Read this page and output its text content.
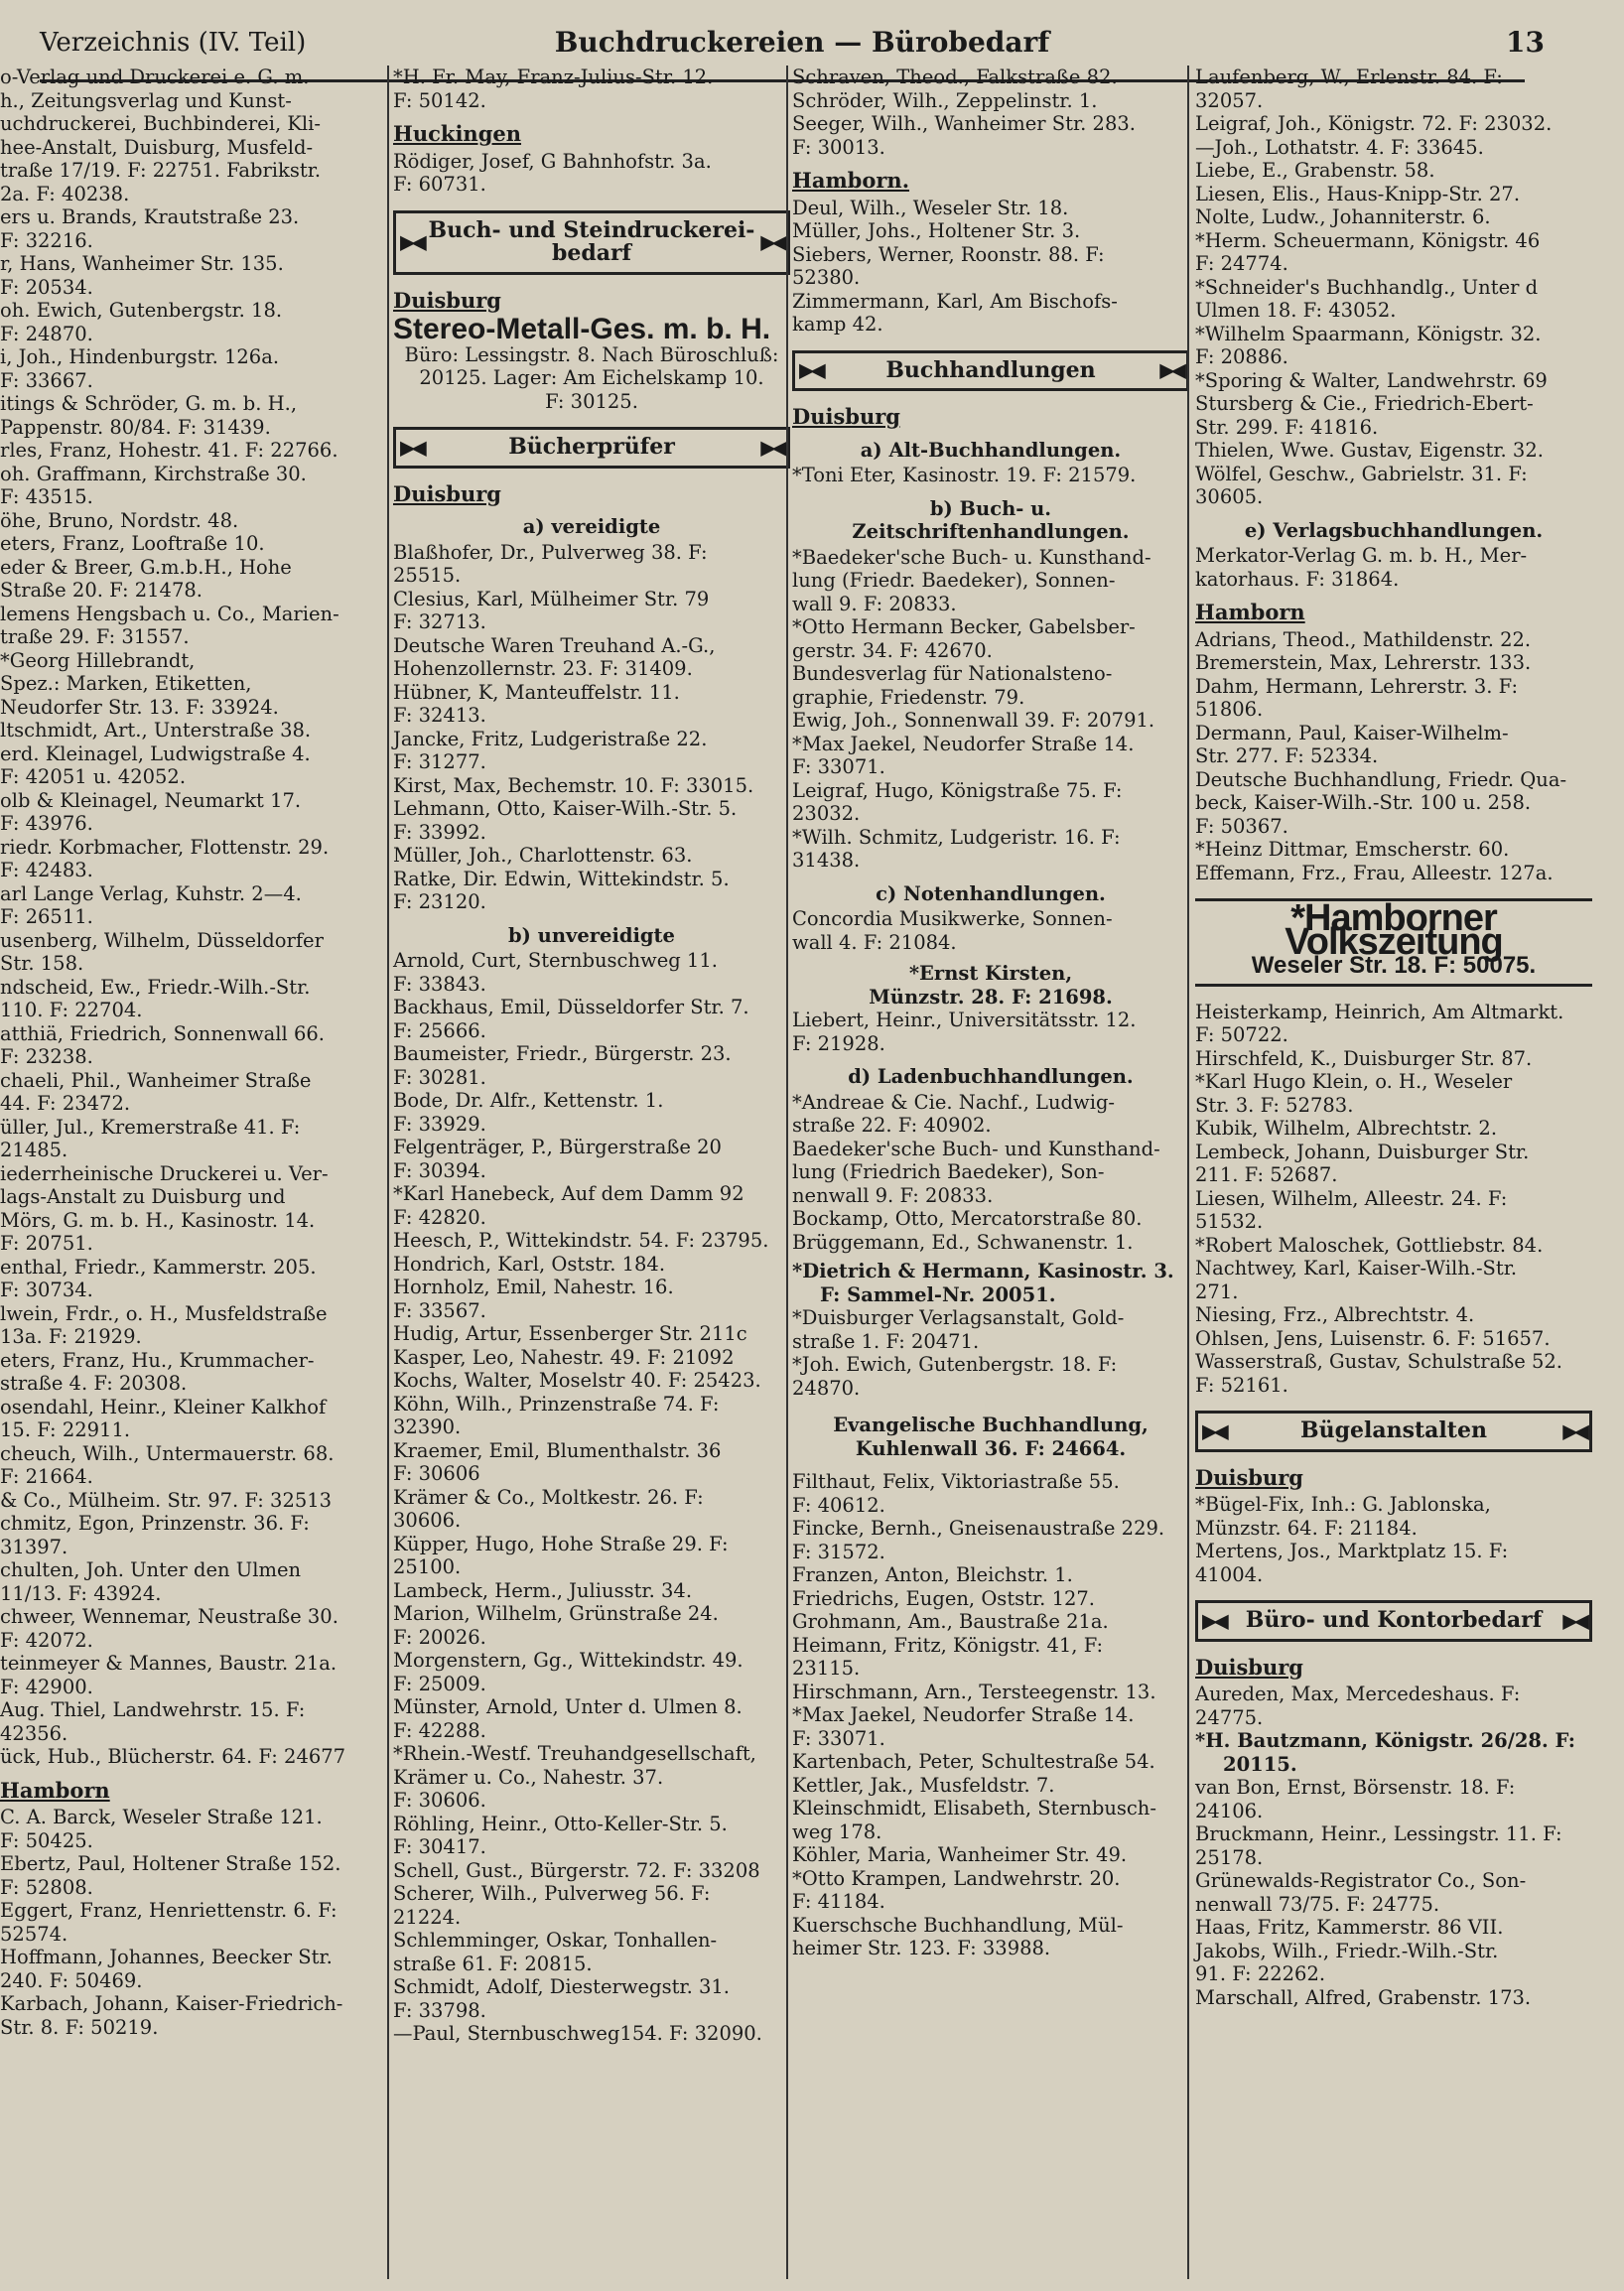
Verzeichnis (IV. Teil)	Buchdruckereien — Bürobedarf	13
o-Verlag und Druckerei e. G. m.
h., Zeitungsverlag und Kunst-
uchdruckerei, Buchbinderei, Kli-
hee-Anstalt, Duisburg, Musfeld-
traße 17/19. F: 22751. Fabrikstr.
2a. F: 40238.
ers u. Brands, Krautstraße 23.
F: 32216.
r, Hans, Wanheimer Str. 135.
F: 20534.
oh. Ewich, Gutenbergstr. 18.
F: 24870.
i, Joh., Hindenburgstr. 126a.
F: 33667.
itings & Schröder, G. m. b. H.,
Pappenstr. 80/84. F: 31439.
rles, Franz, Hohestr. 41. F: 22766.
oh. Graffmann, Kirchstraße 30.
F: 43515.
öhe, Bruno, Nordstr. 48.
eters, Franz, Looftraße 10.
eder & Breer, G.m.b.H., Hohe
Straße 20. F: 21478.
lemens Hengsbach u. Co., Marien-
traße 29. F: 31557.
*Georg Hillebrandt,
Spez.: Marken, Etiketten,
Neudorfer Str. 13. F: 33924.
ltschmidt, Art., Unterstraße 38.
erd. Kleinagel, Ludwigstraße 4.
F: 42051 u. 42052.
olb & Kleinagel, Neumarkt 17.
F: 43976.
riedr. Korbmacher, Flottenstr. 29.
F: 42483.
arl Lange Verlag, Kuhstr. 2—4.
F: 26511.
usenberg, Wilhelm, Düsseldorfer
Str. 158.
ndscheid, Ew., Friedr.-Wilh.-Str.
110. F: 22704.
atthiä, Friedrich, Sonnenwall 66.
F: 23238.
chaeli, Phil., Wanheimer Straße
44. F: 23472.
üller, Jul., Kremerstraße 41. F:
21485.
iederrheinische Druckerei u. Ver-
lags-Anstalt zu Duisburg und
Mörs, G. m. b. H., Kasinostr. 14.
F: 20751.
enthal, Friedr., Kammerstr. 205.
F: 30734.
lwein, Frdr., o. H., Musfeldstraße
13a. F: 21929.
eters, Franz, Hu., Krummacher-
straße 4. F: 20308.
osendahl, Heinr., Kleiner Kalkhof
15. F: 22911.
cheuch, Wilh., Untermauerstr. 68.
F: 21664.
& Co., Mülheim. Str. 97. F: 32513
chmitz, Egon, Prinzenstr. 36. F:
31397.
chulten, Joh. Unter den Ulmen
11/13. F: 43924.
chweer, Wennemar, Neustraße 30.
F: 42072.
teinmeyer & Mannes, Baustr. 21a.
F: 42900.
Aug. Thiel, Landwehrstr. 15. F:
42356.
ück, Hub., Blücherstr. 64. F: 24677
Hamborn
C. A. Barck, Weseler Straße 121.
F: 50425.
Ebertz, Paul, Holtener Straße 152.
F: 52808.
Eggert, Franz, Henriettenstr. 6. F:
52574.
Hoffmann, Johannes, Beecker Str.
240. F: 50469.
Karbach, Johann, Kaiser-Friedrich-
Str. 8. F: 50219.
*H. Fr. May, Franz-Julius-Str. 12.
F: 50142.
Huckingen
Rödiger, Josef, G Bahnhofstr. 3a.
F: 60731.
▶◀ Buch- und Steindruckerei-bedarf ▶◀
Duisburg
Stereo-Metall-Ges. m. b. H.
Büro: Lessingstr. 8. Nach Büroschluß:
20125. Lager: Am Eichelskamp 10.
F: 30125.
▶◀ Bücherprüfer ▶◀
Duisburg
a) vereidigte
Blaßhofer, Dr., Pulverweg 38. F:
25515.
Clesius, Karl, Mülheimer Str. 79
F: 32713.
Deutsche Waren Treuhand A.-G.,
Hohenzollernstr. 23. F: 31409.
Hübner, K, Manteuffelstr. 11.
F: 32413.
Jancke, Fritz, Ludgeristraße 22.
F: 31277.
Kirst, Max, Bechemstr. 10. F: 33015.
Lehmann, Otto, Kaiser-Wilh.-Str. 5.
F: 33992.
Müller, Joh., Charlottenstr. 63.
Ratke, Dir. Edwin, Wittekindstr. 5.
F: 23120.
b) unvereidigte
Arnold, Curt, Sternbuschweg 11.
F: 33843.
Backhaus, Emil, Düsseldorfer Str. 7.
F: 25666.
Baumeister, Friedr., Bürgerstr. 23.
F: 30281.
Bode, Dr. Alfr., Kettenstr. 1.
F: 33929.
Felgenträger, P., Bürgerstraße 20
F: 30394.
*Karl Hanebeck, Auf dem Damm 92
F: 42820.
Heesch, P., Wittekindstr. 54. F: 23795.
Hondrich, Karl, Oststr. 184.
Hornholz, Emil, Nahestr. 16.
F: 33567.
Hudig, Artur, Essenberger Str. 211c
Kasper, Leo, Nahestr. 49. F: 21092
Kochs, Walter, Moselstr 40. F: 25423.
Köhn, Wilh., Prinzenstraße 74. F:
32390.
Kraemer, Emil, Blumenthalstr. 36
F: 30606
Krämer & Co., Moltkestr. 26. F:
30606.
Küpper, Hugo, Hohe Straße 29. F:
25100.
Lambeck, Herm., Juliusstr. 34.
Marion, Wilhelm, Grünstraße 24.
F: 20026.
Morgenstern, Gg., Wittekindstr. 49.
F: 25009.
Münster, Arnold, Unter d. Ulmen 8.
F: 42288.
*Rhein.-Westf. Treuhandgesellschaft,
Krämer u. Co., Nahestr. 37.
F: 30606.
Röhling, Heinr., Otto-Keller-Str. 5.
F: 30417.
Schell, Gust., Bürgerstr. 72. F: 33208
Scherer, Wilh., Pulverweg 56. F:
21224.
Schlemminger, Oskar, Tonhallen-
straße 61. F: 20815.
Schmidt, Adolf, Diesterwegstr. 31.
F: 33798.
—Paul, Sternbuschweg154. F: 32090.
Schraven, Theod., Falkstraße 82.
Schröder, Wilh., Zeppelinstr. 1.
Seeger, Wilh., Wanheimer Str. 283.
F: 30013.
Hamborn.
Deul, Wilh., Weseler Str. 18.
Müller, Johs., Holtener Str. 3.
Siebers, Werner, Roonstr. 88. F:
52380.
Zimmermann, Karl, Am Bischofs-
kamp 42.
▶◀ Buchhandlungen ▶◀
Duisburg
a) Alt-Buchhandlungen.
*Toni Eter, Kasinostr. 19. F: 21579.
b) Buch- u. Zeitschriftenhandlungen.
*Baedeker'sche Buch- u. Kunsthand-
lung (Friedr. Baedeker), Sonnen-
wall 9. F: 20833.
*Otto Hermann Becker, Gabelsber-
gerstr. 34. F: 42670.
Bundesverlag für Nationalsteno-
graphie, Friedenstr. 79.
Ewig, Joh., Sonnenwall 39. F: 20791.
*Max Jaekel, Neudorfer Straße 14.
F: 33071.
Leigraf, Hugo, Königstraße 75. F:
23032.
*Wilh. Schmitz, Ludgeristr. 16. F:
31438.
c) Notenhandlungen.
Concordia Musikwerke, Sonnen-
wall 4. F: 21084.
*Ernst Kirsten,
Münzstr. 28. F: 21698.
Liebert, Heinr., Universitätsstr. 12.
F: 21928.
d) Ladenbuchhandlungen.
*Andreae & Cie. Nachf., Ludwig-
straße 22. F: 40902.
Baedeker'sche Buch- und Kunsthand-
lung (Friedrich Baedeker), Son-
nenwall 9. F: 20833.
Bockamp, Otto, Mercatorstraße 80.
Brüggemann, Ed., Schwanenstr. 1.
*Dietrich & Hermann, Kasinostr. 3.
F: Sammel-Nr. 20051.
*Duisburger Verlagsanstalt, Gold-
straße 1. F: 20471.
*Joh. Ewich, Gutenbergstr. 18. F:
24870.
Evangelische Buchhandlung,
Kuhlenwall 36. F: 24664.
Filthaut, Felix, Viktoriastraße 55.
F: 40612.
Fincke, Bernh., Gneisenaustraße 229.
F: 31572.
Franzen, Anton, Bleichstr. 1.
Friedrichs, Eugen, Oststr. 127.
Grohmann, Am., Baustraße 21a.
Heimann, Fritz, Königstr. 41, F:
23115.
Hirschmann, Arn., Tersteegenstr. 13.
*Max Jaekel, Neudorfer Straße 14.
F: 33071.
Kartenbach, Peter, Schultestraße 54.
Kettler, Jak., Musfeldstr. 7.
Kleinschmidt, Elisabeth, Sternbusch-
weg 178.
Köhler, Maria, Wanheimer Str. 49.
*Otto Krampen, Landwehrstr. 20.
F: 41184.
Kuerschsche Buchhandlung, Mül-
heimer Str. 123. F: 33988.
Laufenberg, W., Erlenstr. 84. F:
32057.
Leigraf, Joh., Königstr. 72. F: 23032.
—Joh., Lothatstr. 4. F: 33645.
Liebe, E., Grabenstr. 58.
Liesen, Elis., Haus-Knipp-Str. 27.
Nolte, Ludw., Johanniterstr. 6.
*Herm. Scheuermann, Königstr. 46
F: 24774.
*Schneider's Buchhandlg., Unter d
Ulmen 18. F: 43052.
*Wilhelm Spaarmann, Königstr. 32.
F: 20886.
*Sporing & Walter, Landwehrstr. 69
Stursberg & Cie., Friedrich-Ebert-
Str. 299. F: 41816.
Thielen, Wwe. Gustav, Eigenstr. 32.
Wölfel, Geschw., Gabrielstr. 31. F:
30605.
e) Verlagsbuchhandlungen.
Merkator-Verlag G. m. b. H., Mer-
katorhaus. F: 31864.
Hamborn
Adrians, Theod., Mathildenstr. 22.
Bremerstein, Max, Lehrerstr. 133.
Dahm, Hermann, Lehrerstr. 3. F:
51806.
Dermann, Paul, Kaiser-Wilhelm-
Str. 277. F: 52334.
Deutsche Buchhandlung, Friedr. Qua-
beck, Kaiser-Wilh.-Str. 100 u. 258.
F: 50367.
*Heinz Dittmar, Emscherstr. 60.
Effemann, Frz., Frau, Alleestr. 127a.
*Hamborner Volkszeitung
Weseler Str. 18. F: 50075.
Heisterkamp, Heinrich, Am Altmarkt.
F: 50722.
Hirschfeld, K., Duisburger Str. 87.
*Karl Hugo Klein, o. H., Weseler
Str. 3. F: 52783.
Kubik, Wilhelm, Albrechtstr. 2.
Lembeck, Johann, Duisburger Str.
211. F: 52687.
Liesen, Wilhelm, Alleestr. 24. F:
51532.
*Robert Maloschek, Gottliebstr. 84.
Nachtwey, Karl, Kaiser-Wilh.-Str.
271.
Niesing, Frz., Albrechtstr. 4.
Ohlsen, Jens, Luisenstr. 6. F: 51657.
Wasserstraß, Gustav, Schulstraße 52.
F: 52161.
▶◀ Bügelanstalten ▶◀
Duisburg
*Bügel-Fix, Inh.: G. Jablonska,
Münzstr. 64. F: 21184.
Mertens, Jos., Marktplatz 15. F:
41004.
▶◀ Büro- und Kontorbedarf ▶◀
Duisburg
Aureden, Max, Mercedeshaus. F:
24775.
*H. Bautzmann, Königstr. 26/28. F: 20115.
van Bon, Ernst, Börsenstr. 18. F:
24106.
Bruckmann, Heinr., Lessingstr. 11. F:
25178.
Grünewalds-Registrator Co., Son-
nenwall 73/75. F: 24775.
Haas, Fritz, Kammerstr. 86 VII.
Jakobs, Wilh., Friedr.-Wilh.-Str.
91. F: 22262.
Marschall, Alfred, Grabenstr. 173.
